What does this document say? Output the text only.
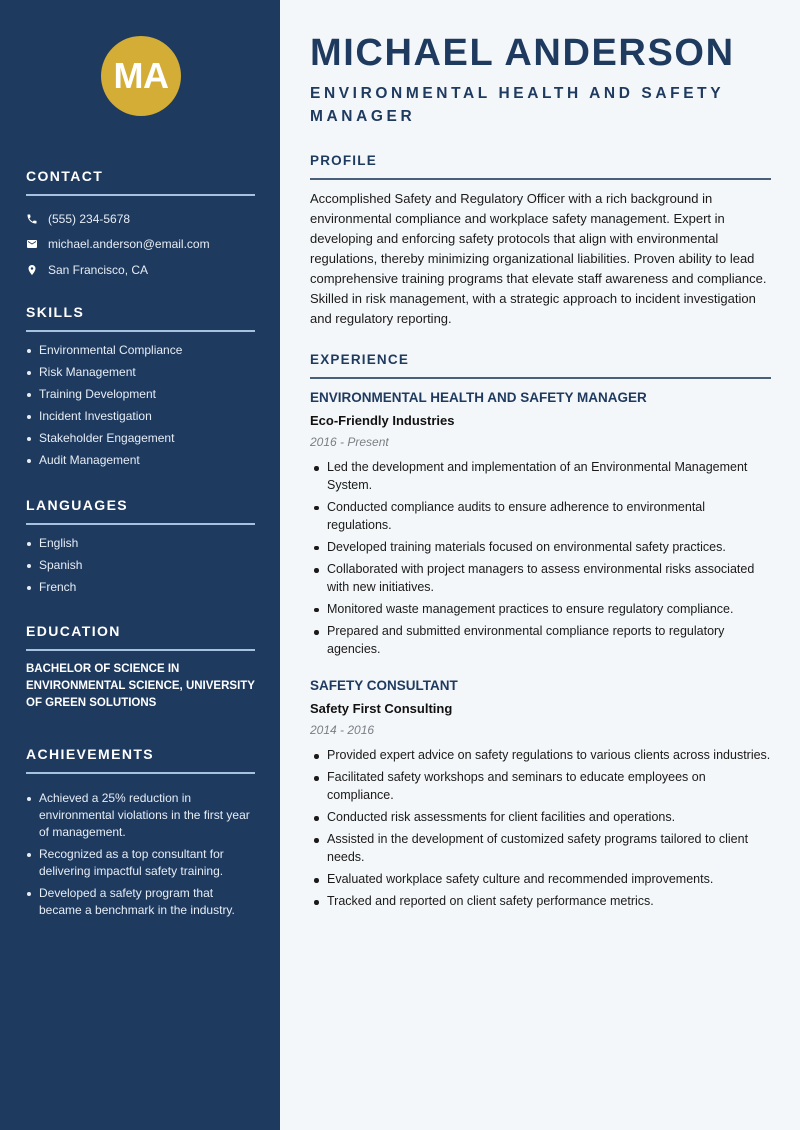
MA
CONTACT
(555) 234-5678
michael.anderson@email.com
San Francisco, CA
SKILLS
Environmental Compliance
Risk Management
Training Development
Incident Investigation
Stakeholder Engagement
Audit Management
LANGUAGES
English
Spanish
French
EDUCATION

BACHELOR OF SCIENCE IN ENVIRONMENTAL SCIENCE, UNIVERSITY OF GREEN SOLUTIONS

ACHIEVEMENTS
Achieved a 25% reduction in environmental violations in the first year of management.
Recognized as a top consultant for delivering impactful safety training.
Developed a safety program that became a benchmark in the industry.
MICHAEL ANDERSON
ENVIRONMENTAL HEALTH AND SAFETY MANAGER
PROFILE

Accomplished Safety and Regulatory Officer with a rich background in environmental compliance and workplace safety management. Expert in developing and enforcing safety protocols that align with environmental regulations, thereby minimizing organizational liabilities. Proven ability to lead comprehensive training programs that elevate staff awareness and compliance. Skilled in risk management, with a strategic approach to incident investigation and regulatory reporting.

EXPERIENCE
ENVIRONMENTAL HEALTH AND SAFETY MANAGER
Eco-Friendly Industries
2016 - Present
Led the development and implementation of an Environmental Management System.
Conducted compliance audits to ensure adherence to environmental regulations.
Developed training materials focused on environmental safety practices.
Collaborated with project managers to assess environmental risks associated with new initiatives.
Monitored waste management practices to ensure regulatory compliance.
Prepared and submitted environmental compliance reports to regulatory agencies.
SAFETY CONSULTANT
Safety First Consulting
2014 - 2016
Provided expert advice on safety regulations to various clients across industries.
Facilitated safety workshops and seminars to educate employees on compliance.
Conducted risk assessments for client facilities and operations.
Assisted in the development of customized safety programs tailored to client needs.
Evaluated workplace safety culture and recommended improvements.
Tracked and reported on client safety performance metrics.
